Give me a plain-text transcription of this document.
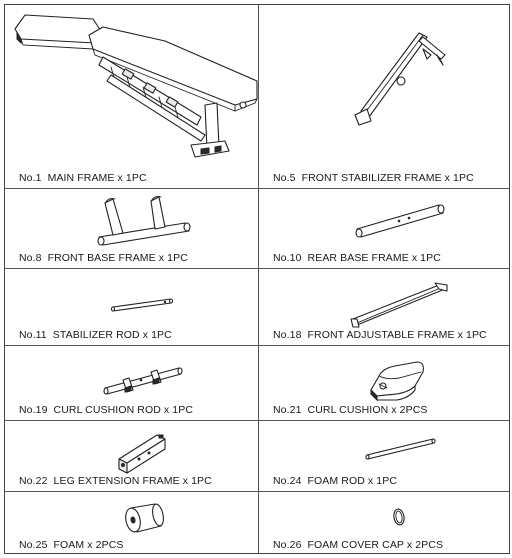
No.1 MAIN FRAME x 1PC	No.5 FRONT STABILIZER FRAME x 1PC
No.8 FRONT BASE FRAME x 1PC	No.10 REAR BASE FRAME x 1PC
No.11 STABILIZER ROD x 1PC	No.18 FRONT ADJUSTABLE FRAME x 1PC
No.19 CURL CUSHION ROD x 1PC	No.21 CURL CUSHION x 2PCS
No.22 LEG EXTENSION FRAME x 1PC	No.24 FOAM ROD x 1PC
No.25 FOAM x 2PCS	No.26 FOAM COVER CAP x 2PCS
